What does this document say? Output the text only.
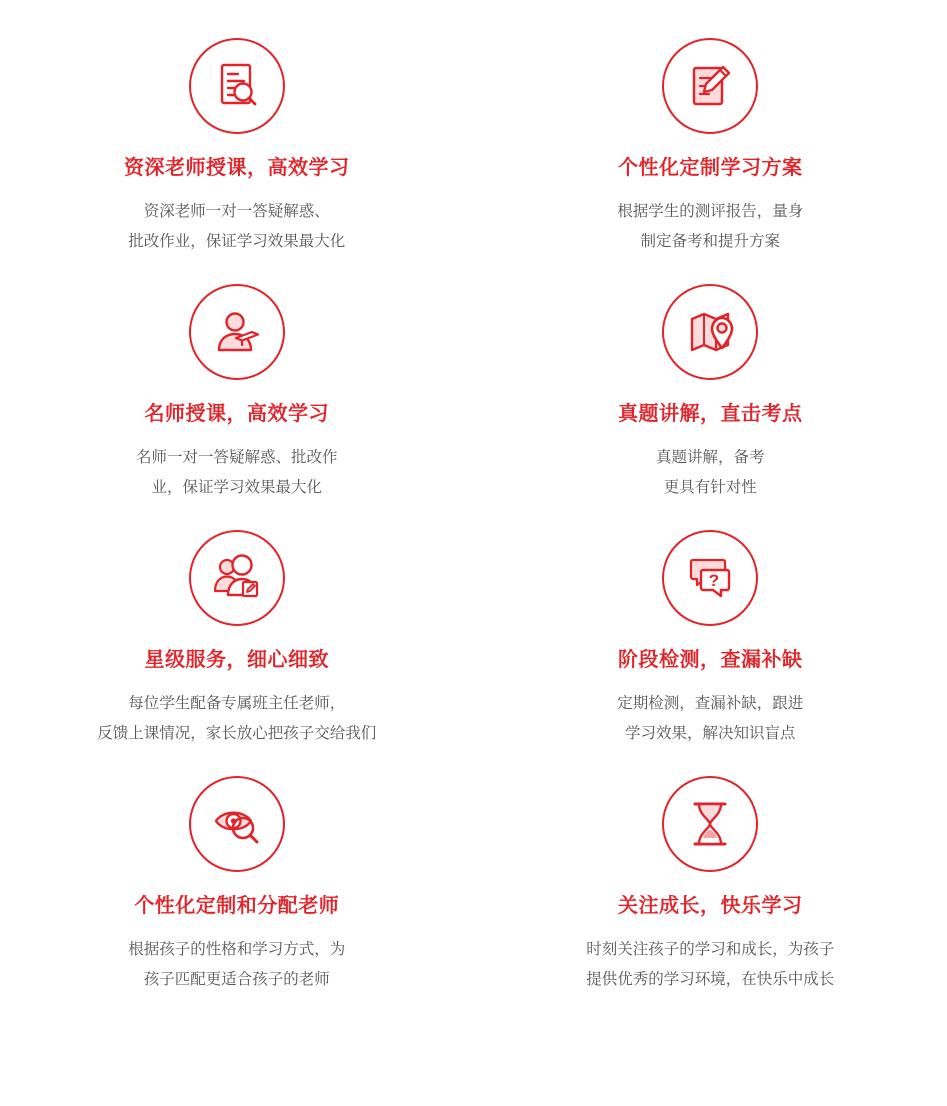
资深老师授课，高效学习
资深老师一对一答疑解惑、
批改作业，保证学习效果最大化
个性化定制学习方案
根据学生的测评报告，量身
制定备考和提升方案
名师授课，高效学习
名师一对一答疑解惑、批改作
业，保证学习效果最大化
真题讲解，直击考点
真题讲解，备考
更具有针对性
星级服务，细心细致
每位学生配备专属班主任老师，
反馈上课情况，家长放心把孩子交给我们
?
阶段检测，查漏补缺
定期检测，查漏补缺，跟进
学习效果，解决知识盲点
个性化定制和分配老师
根据孩子的性格和学习方式，为
孩子匹配更适合孩子的老师
关注成长，快乐学习
时刻关注孩子的学习和成长，为孩子
提供优秀的学习环境，在快乐中成长
